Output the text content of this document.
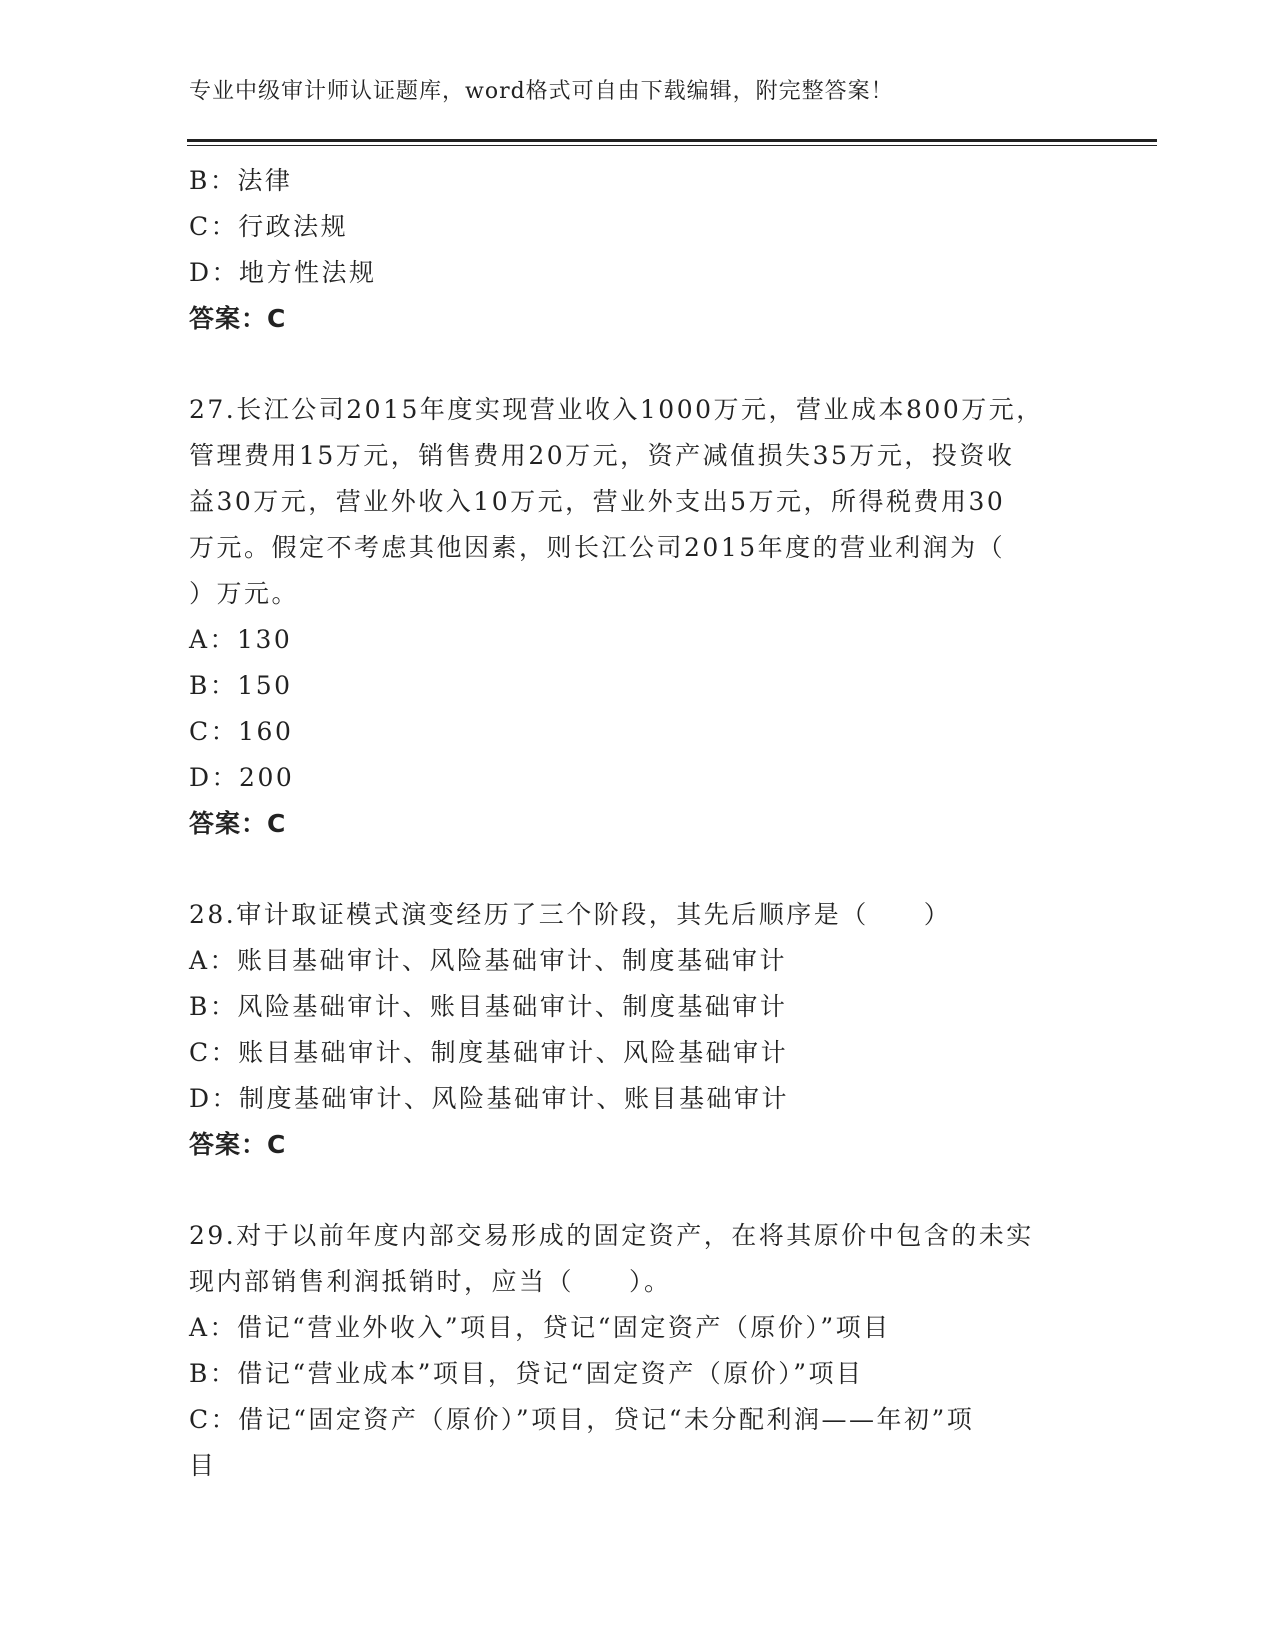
专业中级审计师认证题库，word格式可自由下载编辑，附完整答案！
B：法律
C：行政法规
D：地方性法规
答案：C
27.长江公司2015年度实现营业收入1000万元，营业成本800万元，
管理费用15万元，销售费用20万元，资产减值损失35万元，投资收
益30万元，营业外收入10万元，营业外支出5万元，所得税费用30
万元。假定不考虑其他因素，则长江公司2015年度的营业利润为（
）万元。
A：130
B：150
C：160
D：200
答案：C
28.审计取证模式演变经历了三个阶段，其先后顺序是（　　）
A：账目基础审计、风险基础审计、制度基础审计
B：风险基础审计、账目基础审计、制度基础审计
C：账目基础审计、制度基础审计、风险基础审计
D：制度基础审计、风险基础审计、账目基础审计
答案：C
29.对于以前年度内部交易形成的固定资产，在将其原价中包含的未实
现内部销售利润抵销时，应当（　　）。
A：借记“营业外收入”项目，贷记“固定资产（原价）”项目
B：借记“营业成本”项目，贷记“固定资产（原价）”项目
C：借记“固定资产（原价）”项目，贷记“未分配利润——年初”项
目
